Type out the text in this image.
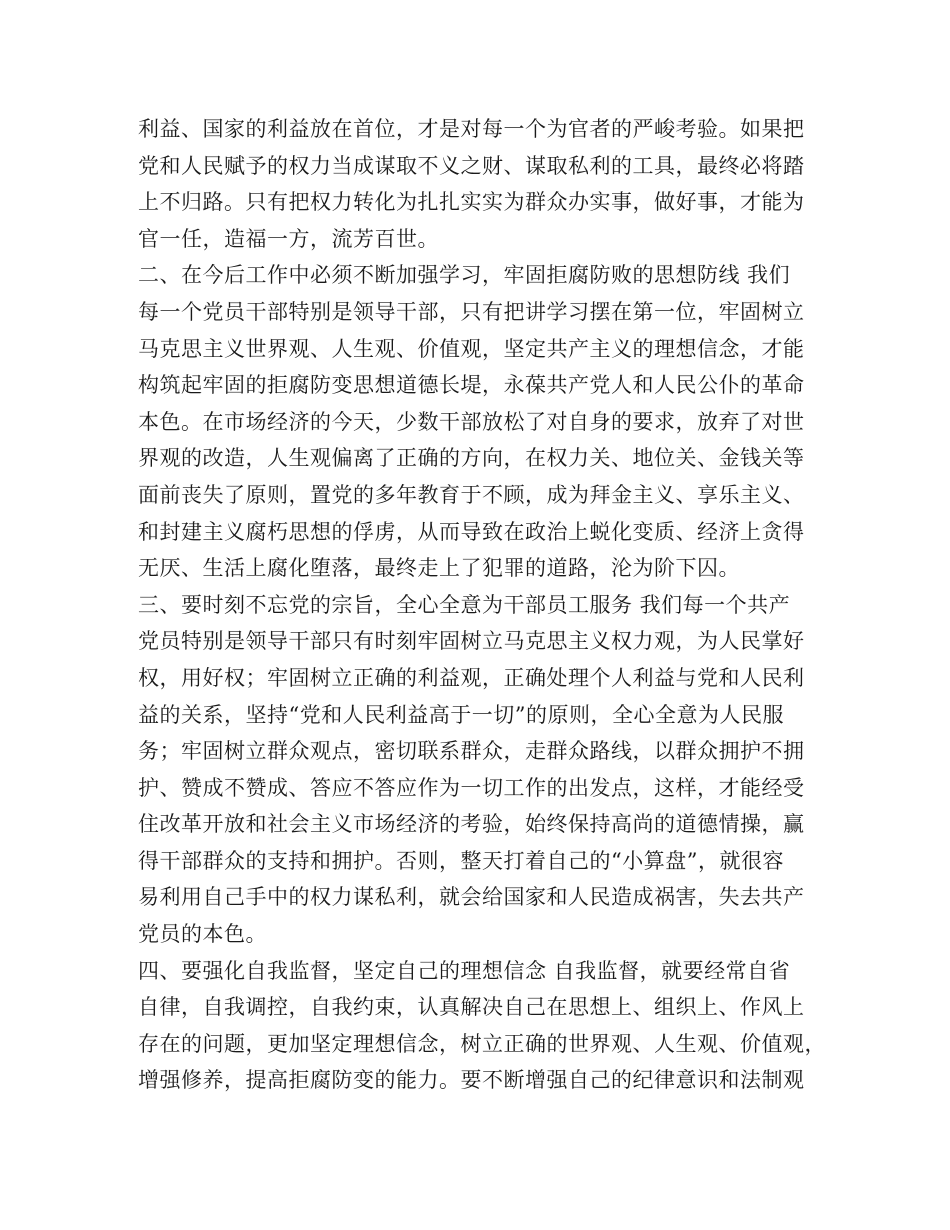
利益、国家的利益放在首位，才是对每一个为官者的严峻考验。如果把
党和人民赋予的权力当成谋取不义之财、谋取私利的工具，最终必将踏
上不归路。只有把权力转化为扎扎实实为群众办实事，做好事，才能为
官一任，造福一方，流芳百世。
二、在今后工作中必须不断加强学习，牢固拒腐防败的思想防线 我们
每一个党员干部特别是领导干部，只有把讲学习摆在第一位，牢固树立
马克思主义世界观、人生观、价值观，坚定共产主义的理想信念，才能
构筑起牢固的拒腐防变思想道德长堤，永葆共产党人和人民公仆的革命
本色。在市场经济的今天，少数干部放松了对自身的要求，放弃了对世
界观的改造，人生观偏离了正确的方向，在权力关、地位关、金钱关等
面前丧失了原则，置党的多年教育于不顾，成为拜金主义、享乐主义、
和封建主义腐朽思想的俘虏，从而导致在政治上蜕化变质、经济上贪得
无厌、生活上腐化堕落，最终走上了犯罪的道路，沦为阶下囚。
三、要时刻不忘党的宗旨，全心全意为干部员工服务 我们每一个共产
党员特别是领导干部只有时刻牢固树立马克思主义权力观，为人民掌好
权，用好权；牢固树立正确的利益观，正确处理个人利益与党和人民利
益的关系，坚持“党和人民利益高于一切”的原则，全心全意为人民服
务；牢固树立群众观点，密切联系群众，走群众路线，以群众拥护不拥
护、赞成不赞成、答应不答应作为一切工作的出发点，这样，才能经受
住改革开放和社会主义市场经济的考验，始终保持高尚的道德情操，赢
得干部群众的支持和拥护。否则，整天打着自己的“小算盘”，就很容
易利用自己手中的权力谋私利，就会给国家和人民造成祸害，失去共产
党员的本色。
四、要强化自我监督，坚定自己的理想信念 自我监督，就要经常自省
自律，自我调控，自我约束，认真解决自己在思想上、组织上、作风上
存在的问题，更加坚定理想信念，树立正确的世界观、人生观、价值观，
增强修养，提高拒腐防变的能力。要不断增强自己的纪律意识和法制观
